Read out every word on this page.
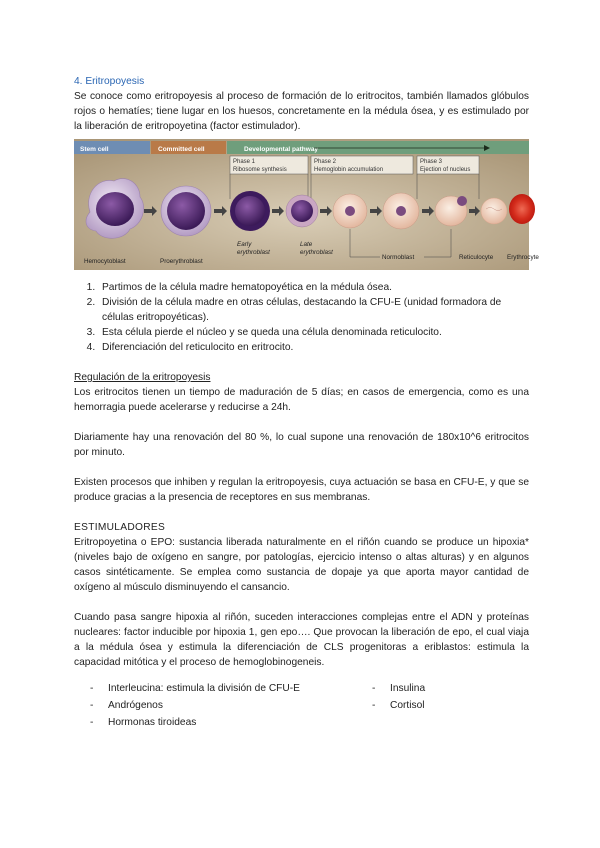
4. Eritropoyesis

Se conoce como eritropoyesis al proceso de formación de lo eritrocitos, también llamados glóbulos rojos o hematíes; tiene lugar en los huesos, concretamente en la médula ósea, y es estimulado por la liberación de eritropoyetina (factor estimulador).

Stem cell	Committed cell	Developmental pathway
Phase 1
Ribosome synthesis
Phase 2
Hemoglobin accumulation
Phase 3
Ejection of nucleus
Hemocytoblast	Proerythroblast
Early
erythroblast
Late
erythroblast
Normoblast	Reticulocyte Erythrocyte
1. Partimos de la célula madre hematopoyética en la médula ósea.
2. División de la célula madre en otras células, destacando la CFU-E (unidad formadora de células eritropoyéticas).
3. Esta célula pierde el núcleo y se queda una célula denominada reticulocito.
4. Diferenciación del reticulocito en eritrocito.
Regulación de la eritropoyesis

Los eritrocitos tienen un tiempo de maduración de 5 días; en casos de emergencia, como es una hemorragia puede acelerarse y reducirse a 24h.

Diariamente hay una renovación del 80 %, lo cual supone una renovación de 180x10^6 eritrocitos por minuto.

Existen procesos que inhiben y regulan la eritropoyesis, cuya actuación se basa en CFU-E, y que se produce gracias a la presencia de receptores en sus membranas.

ESTIMULADORES

Eritropoyetina o EPO: sustancia liberada naturalmente en el riñón cuando se produce un hipoxia* (niveles bajo de oxígeno en sangre, por patologías, ejercicio intenso o altas alturas) y en algunos casos sintéticamente. Se emplea como sustancia de dopaje ya que aporta mayor cantidad de oxígeno al músculo disminuyendo el cansancio.

Cuando pasa sangre hipoxia al riñón, suceden interacciones complejas entre el ADN y proteínas nucleares: factor inducible por hipoxia 1, gen epo…. Que provocan la liberación de epo, el cual viaja a la médula ósea y estimula la diferenciación de CLS progenitoras a eriblastos: estimula la capacidad mitótica y el proceso de hemoglobinogeneis.

-	Interleucina: estimula la división de CFU-E
-	Andrógenos
-	Hormonas tiroideas
-	Insulina
-	Cortisol
